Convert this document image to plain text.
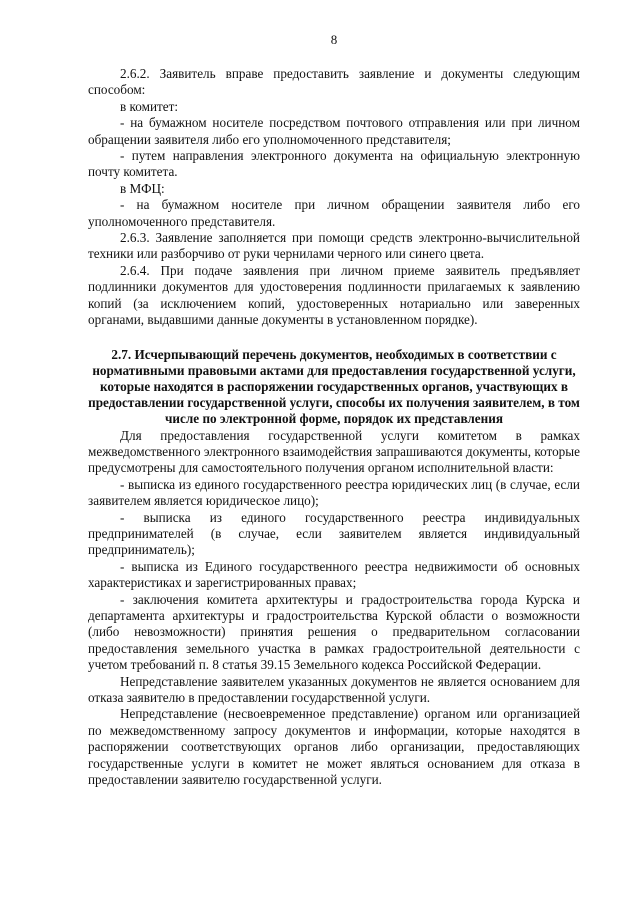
8

2.6.2. Заявитель вправе предоставить заявление и документы следующим способом:

в комитет:

- на бумажном носителе посредством почтового отправления или при личном обращении заявителя либо его уполномоченного представителя;

- путем направления электронного документа на официальную электронную почту комитета.

в МФЦ:

- на бумажном носителе при личном обращении заявителя либо его уполномоченного представителя.

2.6.3. Заявление заполняется при помощи средств электронно-вычислительной техники или разборчиво от руки чернилами черного или синего цвета.

2.6.4. При подаче заявления при личном приеме заявитель предъявляет подлинники документов для удостоверения подлинности прилагаемых к заявлению копий (за исключением копий, удостоверенных нотариально или заверенных органами, выдавшими данные документы в установленном порядке).

2.7. Исчерпывающий перечень документов, необходимых в соответствии с нормативными правовыми актами для предоставления государственной услуги, которые находятся в распоряжении государственных органов, участвующих в предоставлении государственной услуги, способы их получения заявителем, в том числе по электронной форме, порядок их представления

Для предоставления государственной услуги комитетом в рамках межведомственного электронного взаимодействия запрашиваются документы, которые предусмотрены для самостоятельного получения органом исполнительной власти:

- выписка из единого государственного реестра юридических лиц (в случае, если заявителем является юридическое лицо);

- выписка из единого государственного реестра индивидуальных предпринимателей (в случае, если заявителем является индивидуальный предприниматель);

- выписка из Единого государственного реестра недвижимости об основных характеристиках и зарегистрированных правах;

- заключения комитета архитектуры и градостроительства города Курска и департамента архитектуры и градостроительства Курской области о возможности (либо невозможности) принятия решения о предварительном согласовании предоставления земельного участка в рамках градостроительной деятельности с учетом требований п. 8 статья 39.15 Земельного кодекса Российской Федерации.

Непредставление заявителем указанных документов не является основанием для отказа заявителю в предоставлении государственной услуги.

Непредставление (несвоевременное представление) органом или организацией по межведомственному запросу документов и информации, которые находятся в распоряжении соответствующих органов либо организации, предоставляющих государственные услуги в комитет не может являться основанием для отказа в предоставлении заявителю государственной услуги.
